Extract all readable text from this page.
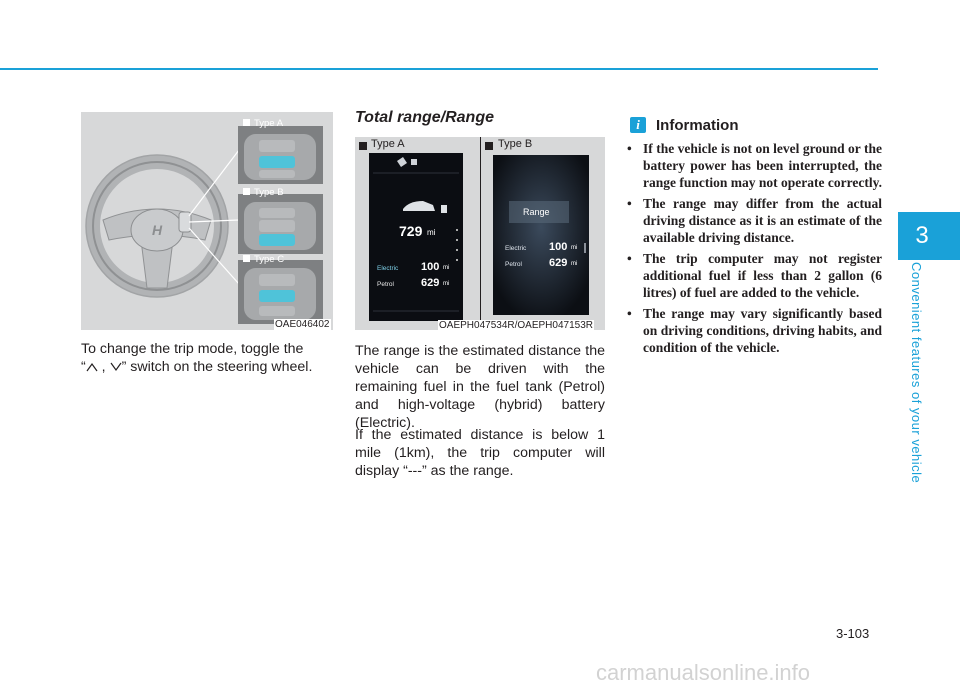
3
Convenient features of your vehicle
H
Type A
Type B
Type C
OAE046402
To change the trip mode, toggle the
“ , ” switch on the steering wheel.
Total range/Range
Type A	Type B
729 mi
Electric 100 mi
Petrol 629 mi
Range
Electric 100 mi
Petrol 629 mi
OAEPH047534R/OAEPH047153R
The range is the estimated distance the vehicle can be driven with the remaining fuel in the fuel tank (Petrol) and high-voltage (hybrid) battery (Electric).
If the estimated distance is below 1 mile (1km), the trip computer will display “---” as the range.
i	Information
• If the vehicle is not on level ground or the battery power has been interrupted, the range function may not operate correctly.
• The range may differ from the actual driving distance as it is an estimate of the available driving distance.
• The trip computer may not register additional fuel if less than 2 gallon (6 litres) of fuel are added to the vehicle.
• The range may vary significantly based on driving conditions, driving habits, and condition of the vehicle.
3-103
carmanualsonline.info
